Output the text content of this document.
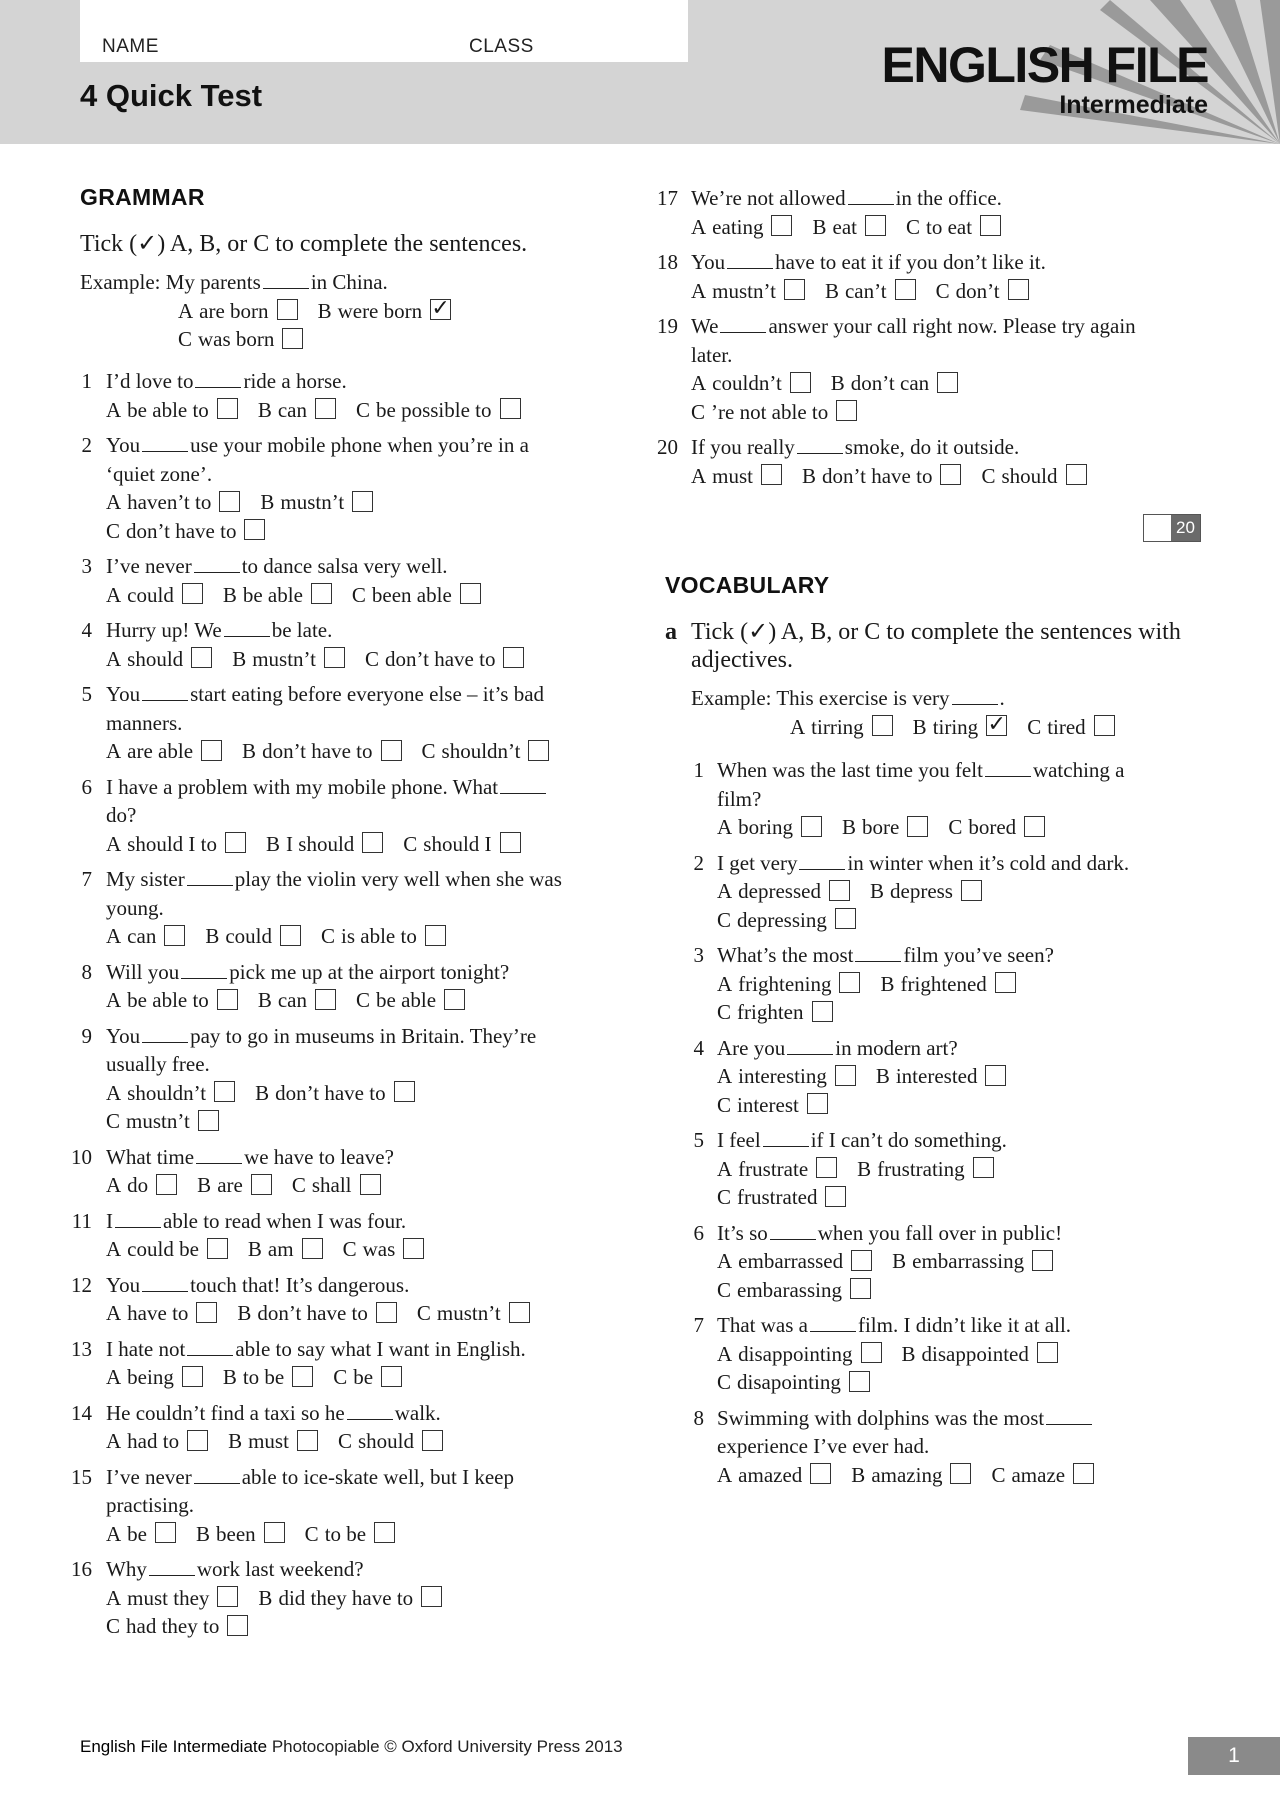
NAME	CLASS
4 Quick Test
ENGLISH FILE
Intermediate
GRAMMAR
Tick (✓) A, B, or C to complete the sentences.
Example: My parents in China.
A are born B were born ✓
C was born
1 I’d love to ride a horse.
A be able to B can C be possible to
2 You use your mobile phone when you’re in a
‘quiet zone’.
A haven’t to B mustn’t
C don’t have to
3 I’ve never to dance salsa very well.
A could B be able C been able
4 Hurry up! We be late.
A should B mustn’t C don’t have to
5 You start eating before everyone else – it’s bad
manners.
A are able B don’t have to C shouldn’t
6 I have a problem with my mobile phone. What
do?
A should I to B I should C should I
7 My sister play the violin very well when she was
young.
A can B could C is able to
8 Will you pick me up at the airport tonight?
A be able to B can C be able
9 You pay to go in museums in Britain. They’re
usually free.
A shouldn’t B don’t have to
C mustn’t
10 What time we have to leave?
A do B are C shall
11 I able to read when I was four.
A could be B am C was
12 You touch that! It’s dangerous.
A have to B don’t have to C mustn’t
13 I hate not able to say what I want in English.
A being B to be C be
14 He couldn’t find a taxi so he walk.
A had to B must C should
15 I’ve never able to ice-skate well, but I keep
practising.
A be B been C to be
16 Why work last weekend?
A must they B did they have to
C had they to
17 We’re not allowed in the office.
A eating B eat C to eat
18 You have to eat it if you don’t like it.
A mustn’t B can’t C don’t
19 We answer your call right now. Please try again
later.
A couldn’t B don’t can
C ’re not able to
20 If you really smoke, do it outside.
A must B don’t have to C should
20
VOCABULARY
a Tick (✓) A, B, or C to complete the sentences with
adjectives.
Example: This exercise is very .
A tirring B tiring ✓ C tired
1 When was the last time you felt watching a
film?
A boring B bore C bored
2 I get very in winter when it’s cold and dark.
A depressed B depress
C depressing
3 What’s the most film you’ve seen?
A frightening B frightened
C frighten
4 Are you in modern art?
A interesting B interested
C interest
5 I feel if I can’t do something.
A frustrate B frustrating
C frustrated
6 It’s so when you fall over in public!
A embarrassed B embarrassing
C embarassing
7 That was a film. I didn’t like it at all.
A disappointing B disappointed
C disapointing
8 Swimming with dolphins was the most
experience I’ve ever had.
A amazed B amazing C amaze
English File Intermediate Photocopiable © Oxford University Press 2013	1
